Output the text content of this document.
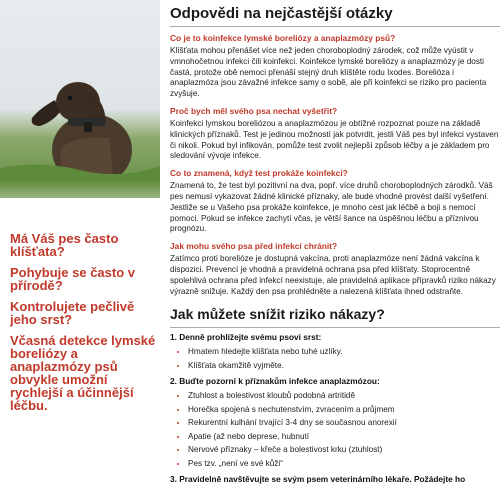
Má Váš pes často klíšťata?
Pohybuje se často v přírodě?
Kontrolujete pečlivě jeho srst?
Včasná detekce lymské boreliózy a anaplazmózy psů obvykle umožní rychlejší a účinnější léčbu.
Odpovědi na nejčastější otázky
Co je to koinfekce lymské boreliózy a anaplazmózy psů?
Klíšťata mohou přenášet více než jeden choroboplodný zárodek, což může vyústit v vmnohočetnou infekci čili koinfekci. Koinfekce lymské boreliózy a anaplazmózy je dosti častá, protože obě nemoci přenáší stejný druh klíštěte rodu Ixodes. Borelióza i anaplazmóza jsou závažné infekce samy o sobě, ale při koinfekci se riziko pro pacienta zvyšuje.
Proč bych měl svého psa nechat vyšetřit?
Koinfekci lymskou boreliózou a anaplazmózou je obtížné rozpoznat pouze na základě klinických příznaků. Test je jedinou možností jak potvrdit, jestli Váš pes byl infekci vystaven či nikoli. Pokud byl infikován, pomůže test zvolit nejlepší způsob léčby a je základem pro sledování vývoje infekce.
Co to znamená, když test prokáže koinfekci?
Znamená to, že test byl pozitivní na dva, popř. více druhů choroboplodných zárodků. Váš pes nemusí vykazovat žádné klinické příznaky, ale bude vhodné provést další vyšetření. Jestliže se u Vašeho psa prokáže koinfekce, je mnoho cest jak léčbě a boji s nemocí pomoci. Pokud se infekce zachytí včas, je větší šance na úspěšnou léčbu a příznivou prognózu.
Jak mohu svého psa před infekcí chránit?
Zatímco proti borelióze je dostupná vakcína, proti anaplazmóze není žádná vakcína k dispozici. Prevencí je vhodná a pravidelná ochrana psa před klíšťaty. Stoprocentně spolehlivá ochrana před infekcí neexistuje, ale pravidelná aplikace přípravků riziko nákazy výrazně snižuje. Každý den psa prohlédněte a nalezená klíšťata ihned odstraňte.
Jak můžete snížit riziko nákazy?
1. Denně prohlížejte svému psovi srst:
• Hmatem hledejte klíšťata nebo tuhé uzlíky.
• Klíšťata okamžitě vyjměte.
2. Buďte pozorní k příznakům infekce anaplazmózou:
• Ztuhlost a bolestivost kloubů podobná artritidě
• Horečka spojená s nechutenstvím, zvracením a průjmem
• Rekurentní kulhání trvající 3-4 dny se současnou anorexií
• Apatie (až nebo deprese, hubnutí
• Nervové příznaky – křeče a bolestivost krku (ztuhlost)
• Pes tzv. „není ve své kůži“
3. Pravidelně navštěvujte se svým psem veterinárního lékaře. Požádejte ho
